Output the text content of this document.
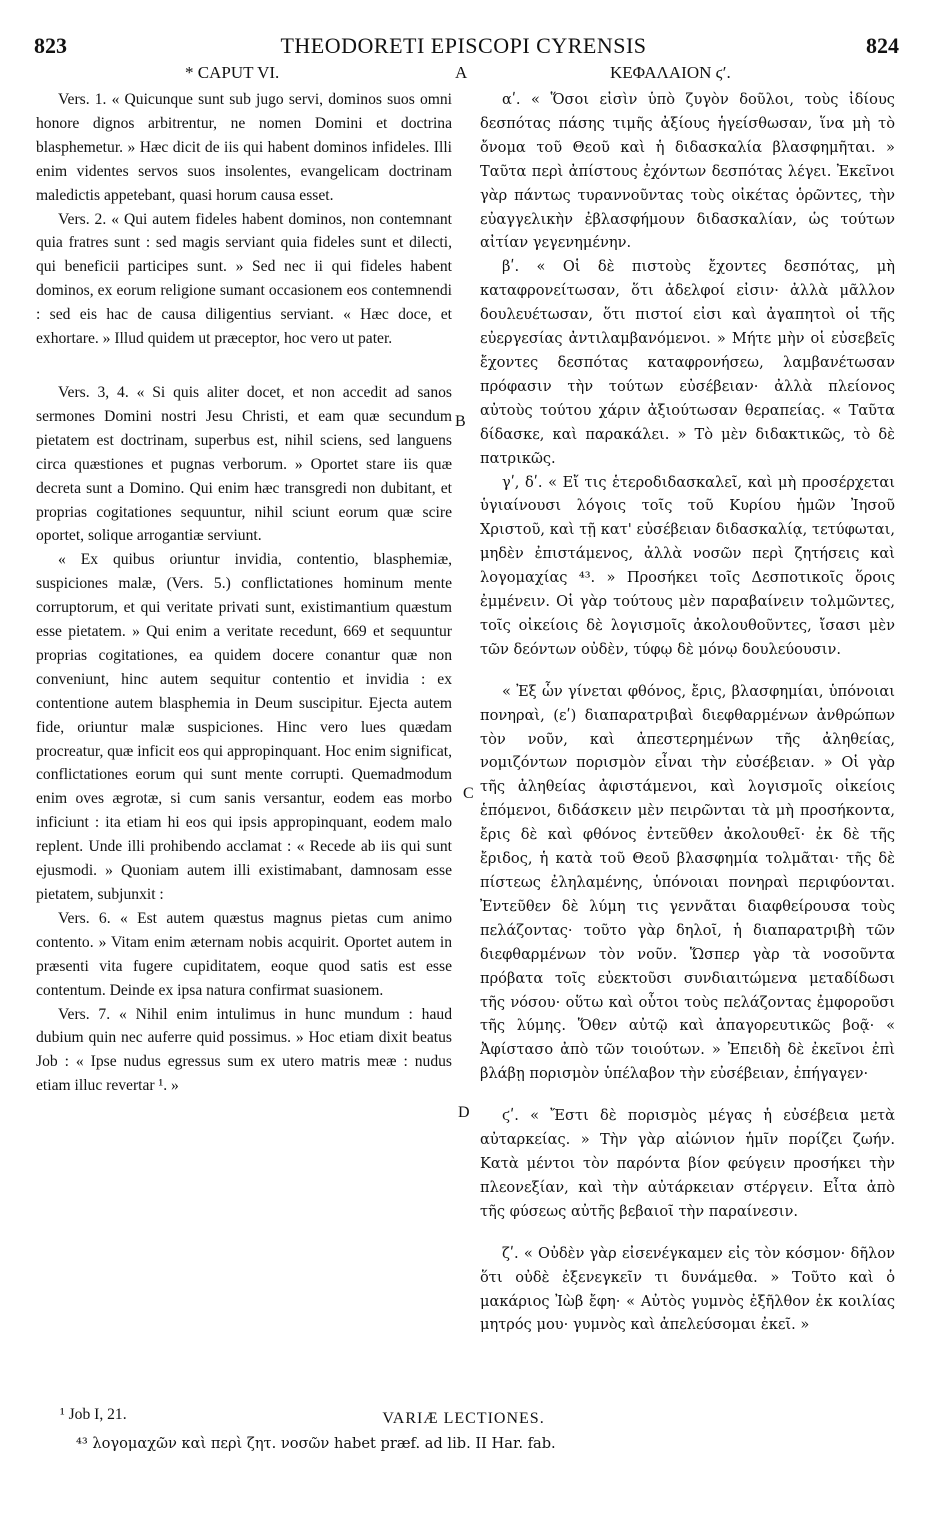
823	THEODORETI EPISCOPI CYRENSIS	824
* CAPUT VI.	A	ΚΕΦΑΛΑΙΟΝ ϛʹ.

Vers. 1. « Quicunque sunt sub jugo servi, dominos suos omni honore dignos arbitrentur, ne nomen Domini et doctrina blasphemetur. » Hæc dicit de iis qui habent dominos infideles. Illi enim videntes servos suos insolentes, evangelicam doctrinam maledictis appetebant, quasi horum causa esset.

Vers. 2. « Qui autem fideles habent dominos, non contemnant quia fratres sunt : sed magis serviant quia fideles sunt et dilecti, qui beneficii participes sunt. » Sed nec ii qui fideles habent dominos, ex eorum religione sumant occasionem eos contemnendi : sed eis hac de causa diligentius serviant. « Hæc doce, et exhortare. » Illud quidem ut præceptor, hoc vero ut pater.

Vers. 3, 4. « Si quis aliter docet, et non accedit ad sanos sermones Domini nostri Jesu Christi, et eam quæ secundum pietatem est doctrinam, superbus est, nihil sciens, sed languens circa quæstiones et pugnas verborum. » Oportet stare iis quæ decreta sunt a Domino. Qui enim hæc transgredi non dubitant, et proprias cogitationes sequuntur, nihil sciunt eorum quæ scire oportet, solique arrogantiæ serviunt.

« Ex quibus oriuntur invidia, contentio, blasphemiæ, suspiciones malæ, (Vers. 5.) conflictationes hominum mente corruptorum, et qui veritate privati sunt, existimantium quæstum esse pietatem. » Qui enim a veritate recedunt, 669 et sequuntur proprias cogitationes, ea quidem docere conantur quæ non conveniunt, hinc autem sequitur contentio et invidia : ex contentione autem blasphemia in Deum suscipitur. Ejecta autem fide, oriuntur malæ suspiciones. Hinc vero lues quædam procreatur, quæ inficit eos qui appropinquant. Hoc enim significat, conflictationes eorum qui sunt mente corrupti. Quemadmodum enim oves ægrotæ, si cum sanis versantur, eodem eas morbo inficiunt : ita etiam hi eos qui ipsis appropinquant, eodem malo replent. Unde illi prohibendo acclamat : « Recede ab iis qui sunt ejusmodi. » Quoniam autem illi existimabant, damnosam esse pietatem, subjunxit :

Vers. 6. « Est autem quæstus magnus pietas cum animo contento. » Vitam enim æternam nobis acquirit. Oportet autem in præsenti vita fugere cupiditatem, eoque quod satis est esse contentum. Deinde ex ipsa natura confirmat suasionem.

Vers. 7. « Nihil enim intulimus in hunc mundum : haud dubium quin nec auferre quid possimus. » Hoc etiam dixit beatus Job : « Ipse nudus egressus sum ex utero matris meæ : nudus etiam illuc revertar ¹. »

αʹ. « Ὅσοι εἰσὶν ὑπὸ ζυγὸν δοῦλοι, τοὺς ἰδίους δεσπότας πάσης τιμῆς ἀξίους ἡγείσθωσαν, ἵνα μὴ τὸ ὄνομα τοῦ Θεοῦ καὶ ἡ διδασκαλία βλασφημῆται. » Ταῦτα περὶ ἀπίστους ἐχόντων δεσπότας λέγει. Ἐκεῖνοι γὰρ πάντως τυραννοῦντας τοὺς οἰκέτας ὁρῶντες, τὴν εὐαγγελικὴν ἐβλασφήμουν διδασκαλίαν, ὡς τούτων αἰτίαν γεγενημένην.

βʹ. « Οἱ δὲ πιστοὺς ἔχοντες δεσπότας, μὴ καταφρονείτωσαν, ὅτι ἀδελφοί εἰσιν· ἀλλὰ μᾶλλον δουλευέτωσαν, ὅτι πιστοί εἰσι καὶ ἀγαπητοὶ οἱ τῆς εὐεργεσίας ἀντιλαμβανόμενοι. » Μήτε μὴν οἱ εὐσεβεῖς ἔχοντες δεσπότας καταφρονήσεω, λαμβανέτωσαν πρόφασιν τὴν τούτων εὐσέβειαν· ἀλλὰ πλείονος αὐτοὺς τούτου χάριν ἀξιούτωσαν θεραπείας. « Ταῦτα δίδασκε, καὶ παρακάλει. » Τὸ μὲν διδακτικῶς, τὸ δὲ πατρικῶς.

γʹ, δʹ. « Εἴ τις ἑτεροδιδασκαλεῖ, καὶ μὴ προσέρχεται ὑγιαίνουσι λόγοις τοῖς τοῦ Κυρίου ἡμῶν Ἰησοῦ Χριστοῦ, καὶ τῇ κατ' εὐσέβειαν διδασκαλίᾳ, τετύφωται, μηδὲν ἐπιστάμενος, ἀλλὰ νοσῶν περὶ ζητήσεις καὶ λογομαχίας ⁴³. » Προσήκει τοῖς Δεσποτικοῖς ὅροις ἐμμένειν. Οἱ γὰρ τούτους μὲν παραβαίνειν τολμῶντες, τοῖς οἰκείοις δὲ λογισμοῖς ἀκολουθοῦντες, ἴσασι μὲν τῶν δεόντων οὐδὲν, τύφῳ δὲ μόνῳ δουλεύουσιν.

« Ἐξ ὧν γίνεται φθόνος, ἔρις, βλασφημίαι, ὑπόνοιαι πονηραὶ, (εʹ) διαπαρατριβαὶ διεφθαρμένων ἀνθρώπων τὸν νοῦν, καὶ ἀπεστερημένων τῆς ἀληθείας, νομιζόντων πορισμὸν εἶναι τὴν εὐσέβειαν. » Οἱ γὰρ τῆς ἀληθείας ἀφιστάμενοι, καὶ λογισμοῖς οἰκείοις ἑπόμενοι, διδάσκειν μὲν πειρῶνται τὰ μὴ προσήκοντα, ἔρις δὲ καὶ φθόνος ἐντεῦθεν ἀκολουθεῖ· ἐκ δὲ τῆς ἔριδος, ἡ κατὰ τοῦ Θεοῦ βλασφημία τολμᾶται· τῆς δὲ πίστεως ἐληλαμένης, ὑπόνοιαι πονηραὶ περιφύονται. Ἐντεῦθεν δὲ λύμη τις γεννᾶται διαφθείρουσα τοὺς πελάζοντας· τοῦτο γὰρ δηλοῖ, ἡ διαπαρατριβὴ τῶν διεφθαρμένων τὸν νοῦν. Ὥσπερ γὰρ τὰ νοσοῦντα πρόβατα τοῖς εὐεκτοῦσι συνδιαιτώμενα μεταδίδωσι τῆς νόσου· οὕτω καὶ οὗτοι τοὺς πελάζοντας ἐμφοροῦσι τῆς λύμης. Ὅθεν αὐτῷ καὶ ἀπαγορευτικῶς βοᾷ· « Ἀφίστασο ἀπὸ τῶν τοιούτων. » Ἐπειδὴ δὲ ἐκεῖνοι ἐπὶ βλάβῃ πορισμὸν ὑπέλαβον τὴν εὐσέβειαν, ἐπήγαγεν·

ϛʹ. « Ἔστι δὲ πορισμὸς μέγας ἡ εὐσέβεια μετὰ αὐταρκείας. » Τὴν γὰρ αἰώνιον ἡμῖν πορίζει ζωήν. Κατὰ μέντοι τὸν παρόντα βίον φεύγειν προσήκει τὴν πλεονεξίαν, καὶ τὴν αὐτάρκειαν στέργειν. Εἶτα ἀπὸ τῆς φύσεως αὐτῆς βεβαιοῖ τὴν παραίνεσιν.

ζʹ. « Οὐδὲν γὰρ εἰσενέγκαμεν εἰς τὸν κόσμον· δῆλον ὅτι οὐδὲ ἐξενεγκεῖν τι δυνάμεθα. » Τοῦτο καὶ ὁ μακάριος Ἰὼβ ἔφη· « Αὐτὸς γυμνὸς ἐξῆλθον ἐκ κοιλίας μητρός μου· γυμνὸς καὶ ἀπελεύσομαι ἐκεῖ. »

B
C
D
¹ Job I, 21.	VARIÆ LECTIONES.
⁴³ λογομαχῶν καὶ περὶ ζητ. νοσῶν habet præf. ad lib. II Har. fab.
